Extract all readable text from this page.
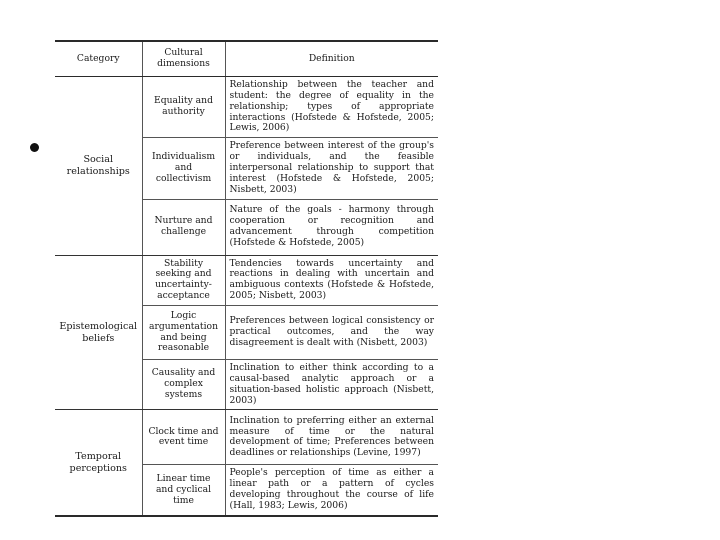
Category	Cultural dimensions	Definition
Social relationships	Equality and authority	Relationship between the teacher and student: the degree of equality in the relationship; types of appropriate interactions (Hofstede & Hofstede, 2005; Lewis, 2006)
	Individualism and collectivism	Preference between interest of the group's or individuals, and the feasible interpersonal relationship to support that interest (Hofstede & Hofstede, 2005; Nisbett, 2003)
	Nurture and challenge	Nature of the goals - harmony through cooperation or recognition and advancement through competition (Hofstede & Hofstede, 2005)
Epistemological beliefs	Stability seeking and uncertainty-acceptance	Tendencies towards uncertainty and reactions in dealing with uncertain and ambiguous contexts (Hofstede & Hofstede, 2005; Nisbett, 2003)
	Logic argumentation and being reasonable	Preferences between logical consistency or practical outcomes, and the way disagreement is dealt with (Nisbett, 2003)
	Causality and complex systems	Inclination to either think according to a causal-based analytic approach or a situation-based holistic approach (Nisbett, 2003)
Temporal perceptions	Clock time and event time	Inclination to preferring either an external measure of time or the natural development of time; Preferences between deadlines or relationships (Levine, 1997)
	Linear time and cyclical time	People's perception of time as either a linear path or a pattern of cycles developing throughout the course of life (Hall, 1983; Lewis, 2006)
